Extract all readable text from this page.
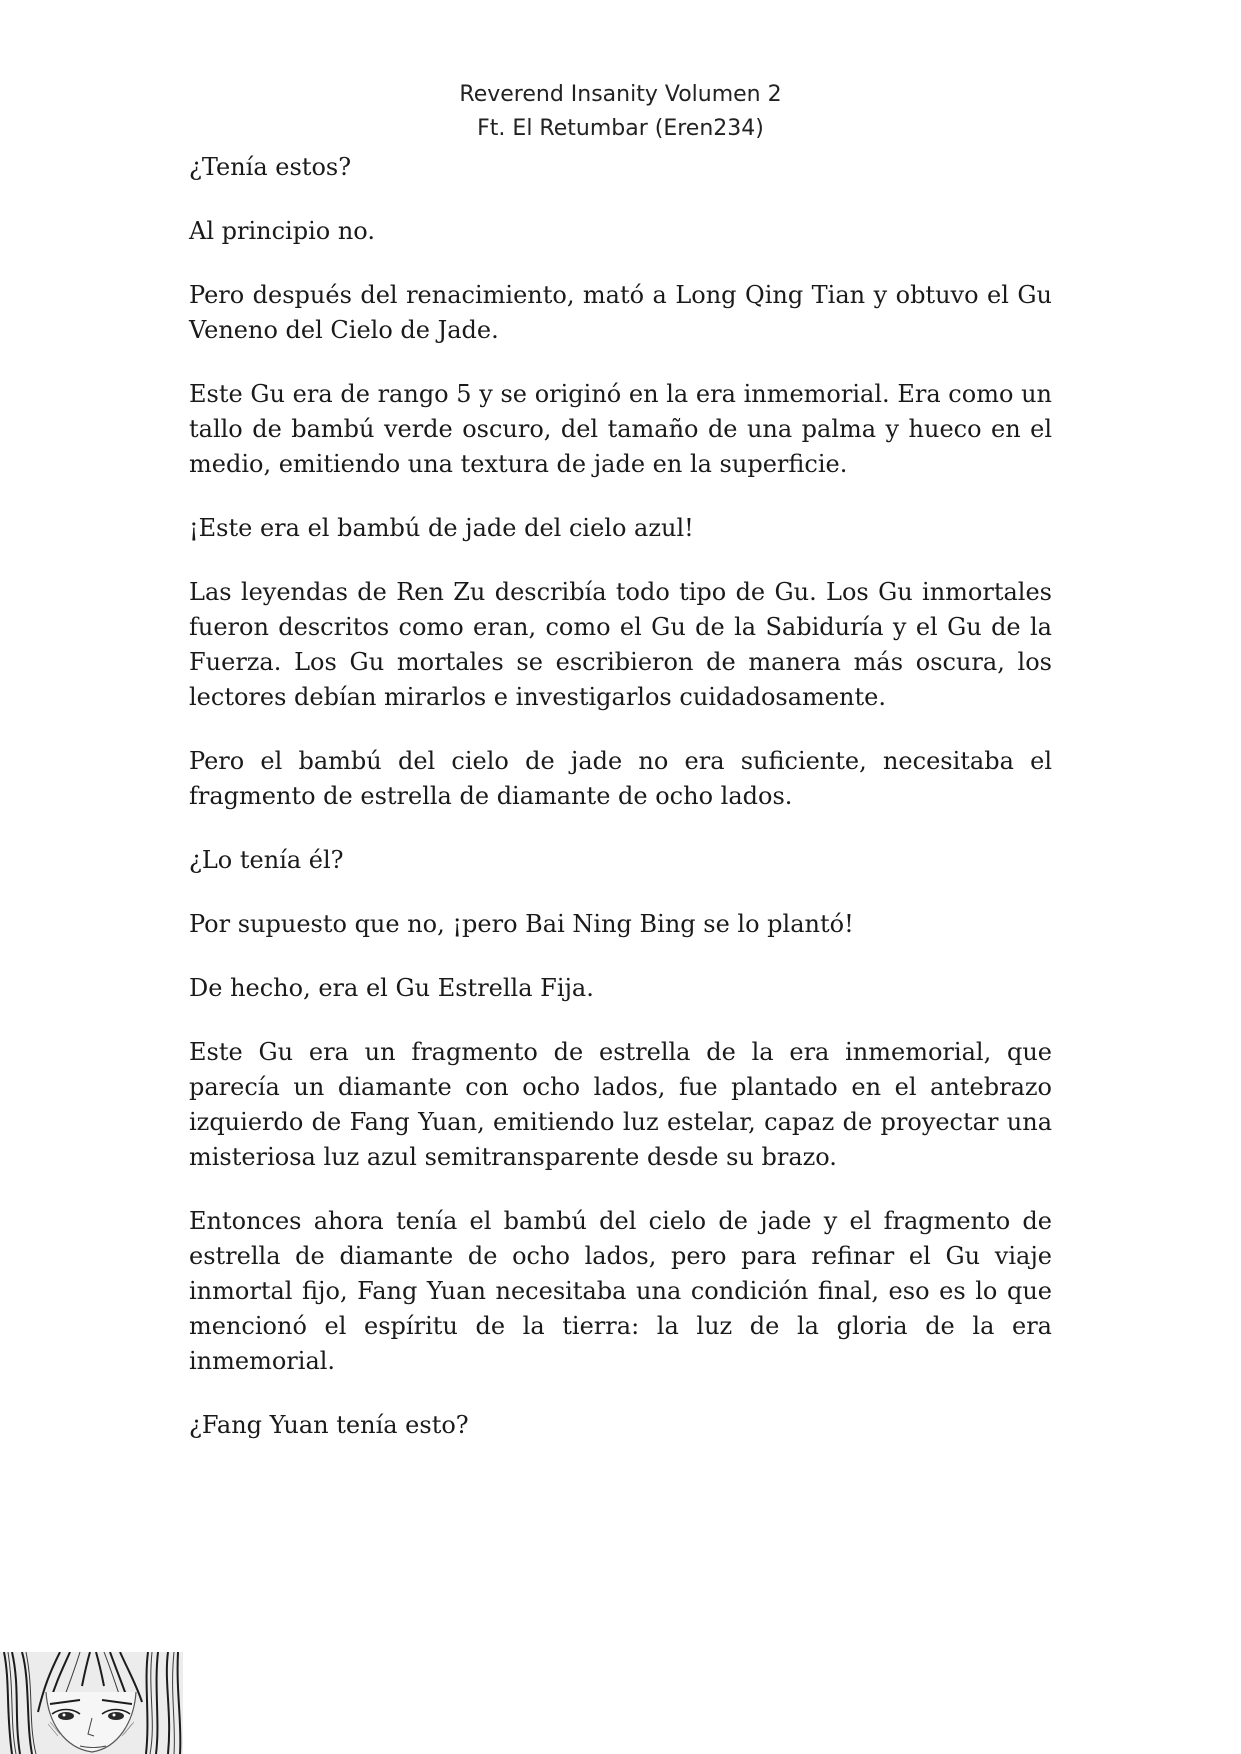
Reverend Insanity Volumen 2
Ft. El Retumbar (Eren234)

¿Tenía estos?

Al principio no.

Pero después del renacimiento, mató a Long Qing Tian y obtuvo el Gu Veneno del Cielo de Jade.

Este Gu era de rango 5 y se originó en la era inmemorial. Era como un tallo de bambú verde oscuro, del tamaño de una palma y hueco en el medio, emitiendo una textura de jade en la superficie.

¡Este era el bambú de jade del cielo azul!

Las leyendas de Ren Zu describía todo tipo de Gu. Los Gu inmortales fueron descritos como eran, como el Gu de la Sabiduría y el Gu de la Fuerza. Los Gu mortales se escribieron de manera más oscura, los lectores debían mirarlos e investigarlos cuidadosamente.

Pero el bambú del cielo de jade no era suficiente, necesitaba el fragmento de estrella de diamante de ocho lados.

¿Lo tenía él?

Por supuesto que no, ¡pero Bai Ning Bing se lo plantó!

De hecho, era el Gu Estrella Fija.

Este Gu era un fragmento de estrella de la era inmemorial, que parecía un diamante con ocho lados, fue plantado en el antebrazo izquierdo de Fang Yuan, emitiendo luz estelar, capaz de proyectar una misteriosa luz azul semitransparente desde su brazo.

Entonces ahora tenía el bambú del cielo de jade y el fragmento de estrella de diamante de ocho lados, pero para refinar el Gu viaje inmortal fijo, Fang Yuan necesitaba una condición final, eso es lo que mencionó el espíritu de la tierra: la luz de la gloria de la era inmemorial.

¿Fang Yuan tenía esto?
